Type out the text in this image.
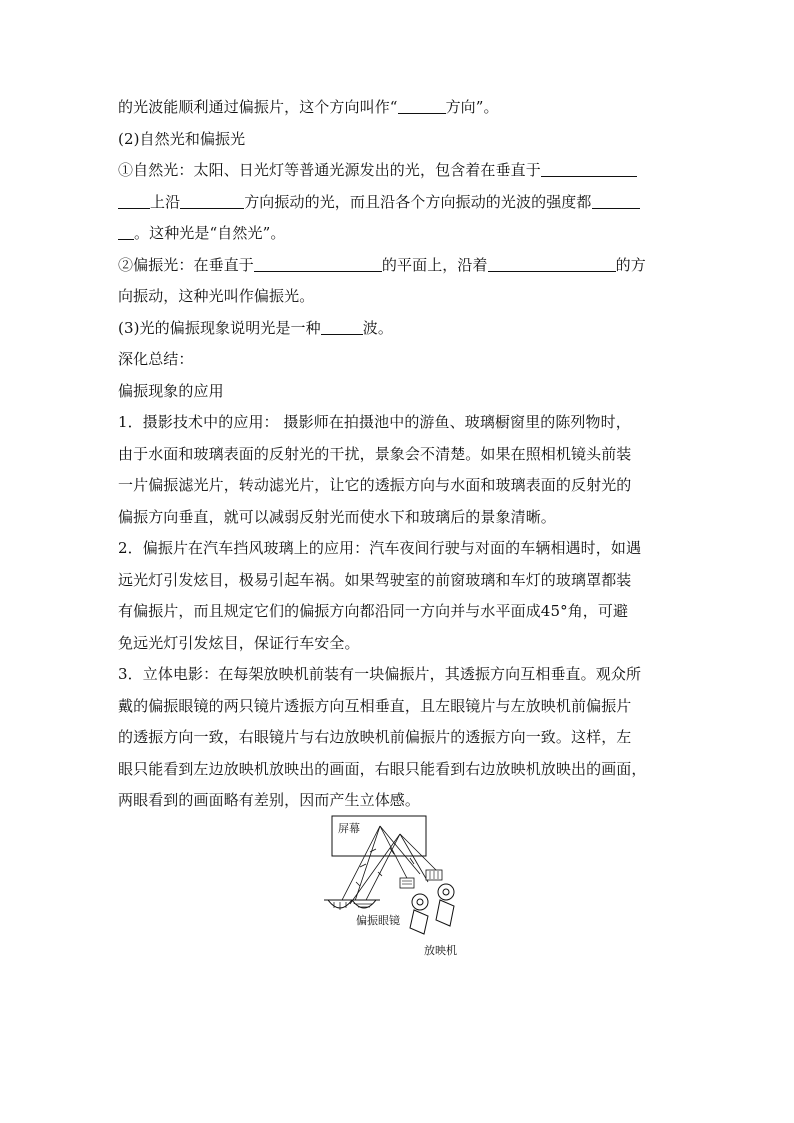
的光波能顺利通过偏振片，这个方向叫作“	方向”。
(2)自然光和偏振光
①自然光：太阳、日光灯等普通光源发出的光，包含着在垂直于
上沿	方向振动的光，而且沿各个方向振动的光波的强度都
。这种光是“自然光”。
②偏振光：在垂直于	的平面上，沿着	的方
向振动，这种光叫作偏振光。
(3)光的偏振现象说明光是一种	波。
深化总结：
偏振现象的应用
1．摄影技术中的应用： 摄影师在拍摄池中的游鱼、玻璃橱窗里的陈列物时，
由于水面和玻璃表面的反射光的干扰，景象会不清楚。如果在照相机镜头前装
一片偏振滤光片，转动滤光片，让它的透振方向与水面和玻璃表面的反射光的
偏振方向垂直，就可以减弱反射光而使水下和玻璃后的景象清晰。
2．偏振片在汽车挡风玻璃上的应用：汽车夜间行驶与对面的车辆相遇时，如遇
远光灯引发炫目，极易引起车祸。如果驾驶室的前窗玻璃和车灯的玻璃罩都装
有偏振片，而且规定它们的偏振方向都沿同一方向并与水平面成45°角，可避
免远光灯引发炫目，保证行车安全。
3．立体电影：在每架放映机前装有一块偏振片，其透振方向互相垂直。观众所
戴的偏振眼镜的两只镜片透振方向互相垂直，且左眼镜片与左放映机前偏振片
的透振方向一致，右眼镜片与右边放映机前偏振片的透振方向一致。这样，左
眼只能看到左边放映机放映出的画面，右眼只能看到右边放映机放映出的画面，
两眼看到的画面略有差别，因而产生立体感。
屏幕
偏振眼镜
放映机
